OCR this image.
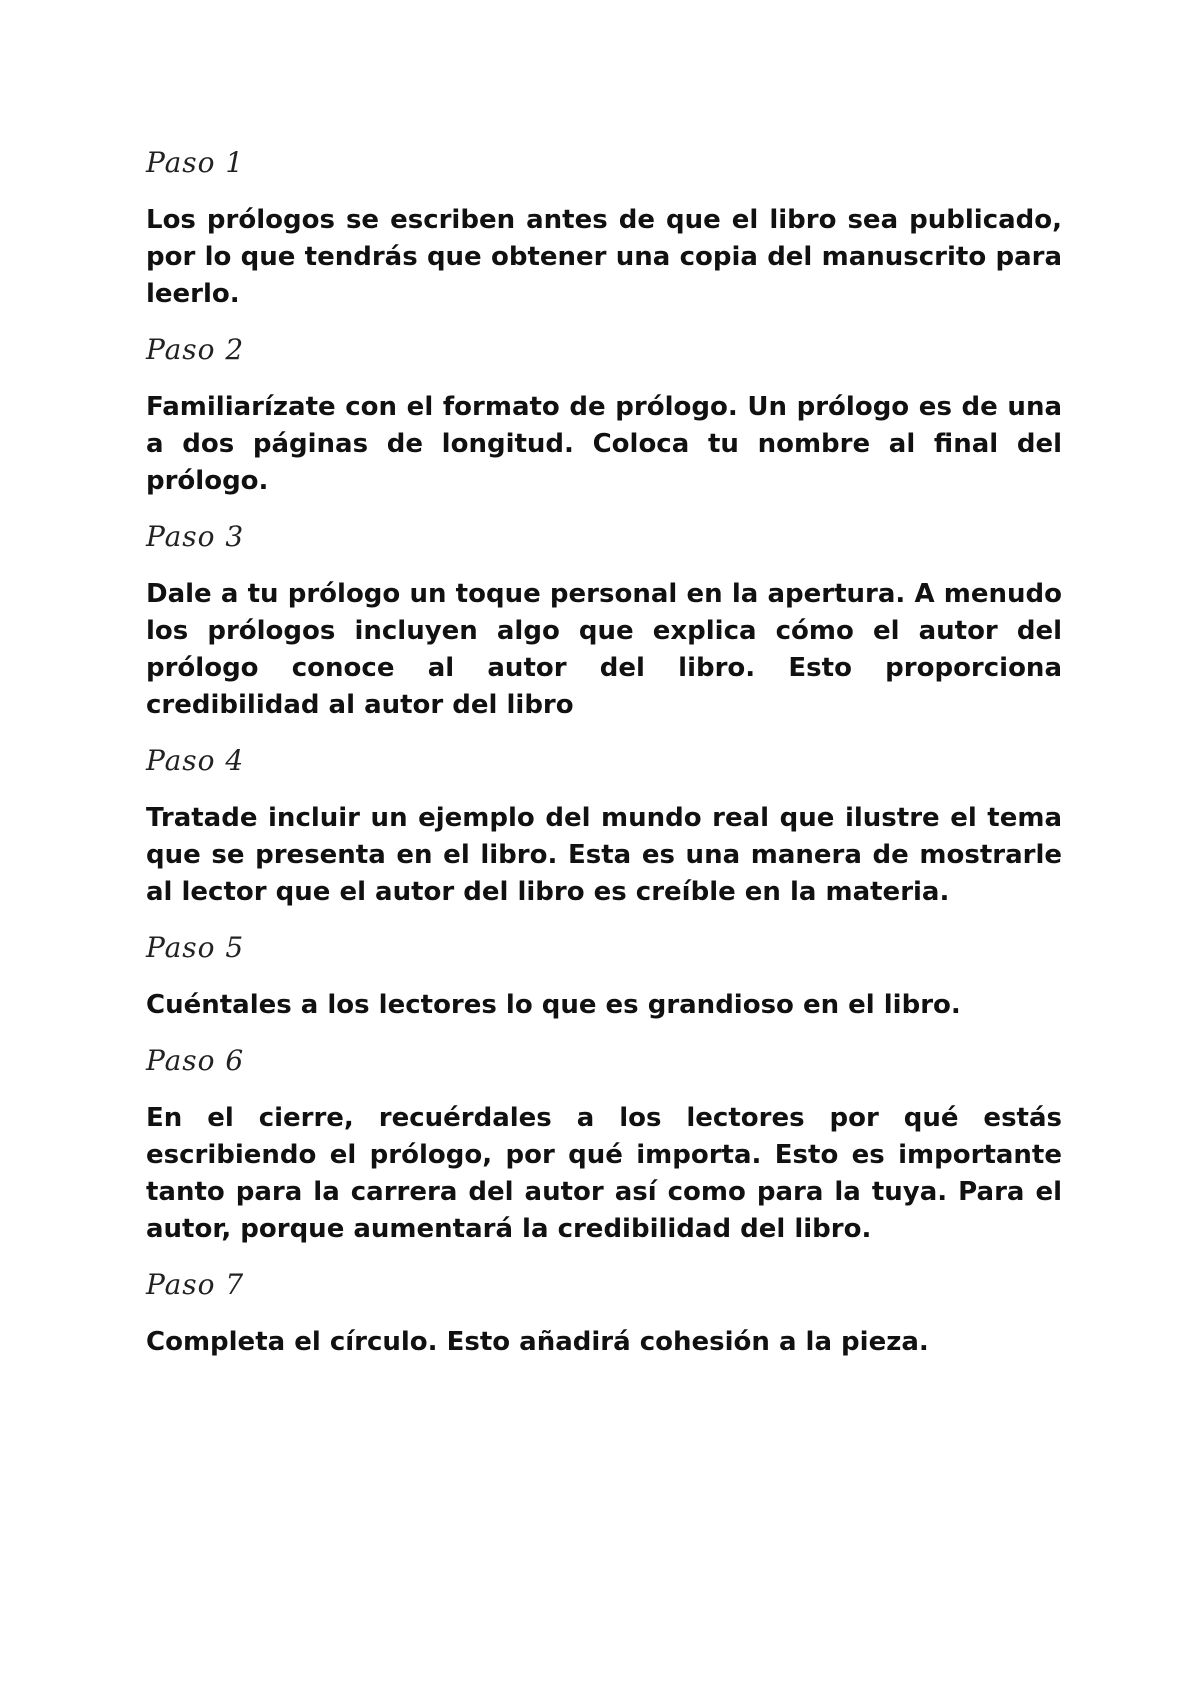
Paso 1

Los prólogos se escriben antes de que el libro sea publicado, por lo que tendrás que obtener una copia del manuscrito para leerlo.

Paso 2

Familiarízate con el formato de prólogo. Un prólogo es de una a dos páginas de longitud. Coloca tu nombre al final del prólogo.

Paso 3

Dale a tu prólogo un toque personal en la apertura. A menudo los prólogos incluyen algo que explica cómo el autor del prólogo conoce al autor del libro. Esto proporciona credibilidad al autor del libro

Paso 4

Tratade incluir un ejemplo del mundo real que ilustre el tema que se presenta en el libro. Esta es una manera de mostrarle al lector que el autor del libro es creíble en la materia.

Paso 5

Cuéntales a los lectores lo que es grandioso en el libro.

Paso 6

En el cierre, recuérdales a los lectores por qué estás escribiendo el prólogo, por qué importa. Esto es importante tanto para la carrera del autor así como para la tuya. Para el autor, porque aumentará la credibilidad del libro.

Paso 7

Completa el círculo. Esto añadirá cohesión a la pieza.
